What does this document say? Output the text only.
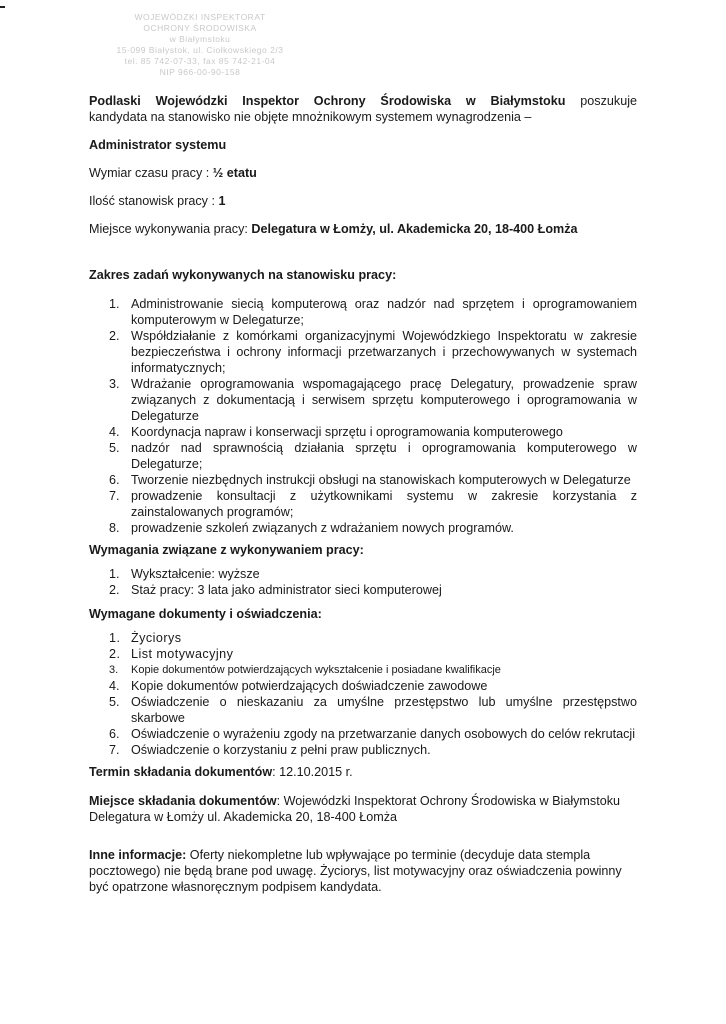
WOJEWÓDZKI INSPEKTORAT
OCHRONY ŚRODOWISKA
w Białymstoku
15-099 Białystok, ul. Ciołkowskiego 2/3
tel. 85 742-07-33, fax 85 742-21-04
NIP 966-00-90-158

Podlaski Wojewódzki Inspektor Ochrony Środowiska w Białymstoku poszukuje

kandydata na stanowisko nie objęte mnożnikowym systemem wynagrodzenia –

Administrator systemu

Wymiar czasu pracy : ½ etatu

Ilość stanowisk pracy : 1

Miejsce wykonywania pracy: Delegatura w Łomży, ul. Akademicka 20, 18-400 Łomża

Zakres zadań wykonywanych na stanowisku pracy:

1. Administrowanie siecią komputerową oraz nadzór nad sprzętem i oprogramowaniem komputerowym w Delegaturze;
2. Współdziałanie z komórkami organizacyjnymi Wojewódzkiego Inspektoratu w zakresie bezpieczeństwa i ochrony informacji przetwarzanych i przechowywanych w systemach informatycznych;
3. Wdrażanie oprogramowania wspomagającego pracę Delegatury, prowadzenie spraw związanych z dokumentacją i serwisem sprzętu komputerowego i oprogramowania w Delegaturze
4. Koordynacja napraw i konserwacji sprzętu i oprogramowania komputerowego
5. nadzór nad sprawnością działania sprzętu i oprogramowania komputerowego w Delegaturze;
6. Tworzenie niezbędnych instrukcji obsługi na stanowiskach komputerowych w Delegaturze
7. prowadzenie konsultacji z użytkownikami systemu w zakresie korzystania z zainstalowanych programów;
8. prowadzenie szkoleń związanych z wdrażaniem nowych programów.

Wymagania związane z wykonywaniem pracy:

1. Wykształcenie: wyższe
2. Staż pracy: 3 lata jako administrator sieci komputerowej

Wymagane dokumenty i oświadczenia:

1. Życiorys
2. List motywacyjny
3. Kopie dokumentów potwierdzających wykształcenie i posiadane kwalifikacje
4. Kopie dokumentów potwierdzających doświadczenie zawodowe
5. Oświadczenie o nieskazaniu za umyślne przestępstwo lub umyślne przestępstwo skarbowe
6. Oświadczenie o wyrażeniu zgody na przetwarzanie danych osobowych do celów rekrutacji
7. Oświadczenie o korzystaniu z pełni praw publicznych.

Termin składania dokumentów: 12.10.2015 r.

Miejsce składania dokumentów: Wojewódzki Inspektorat Ochrony Środowiska w Białymstoku Delegatura w Łomży ul. Akademicka 20, 18-400 Łomża

Inne informacje: Oferty niekompletne lub wpływające po terminie (decyduje data stempla pocztowego) nie będą brane pod uwagę. Życiorys, list motywacyjny oraz oświadczenia powinny być opatrzone własnoręcznym podpisem kandydata.
